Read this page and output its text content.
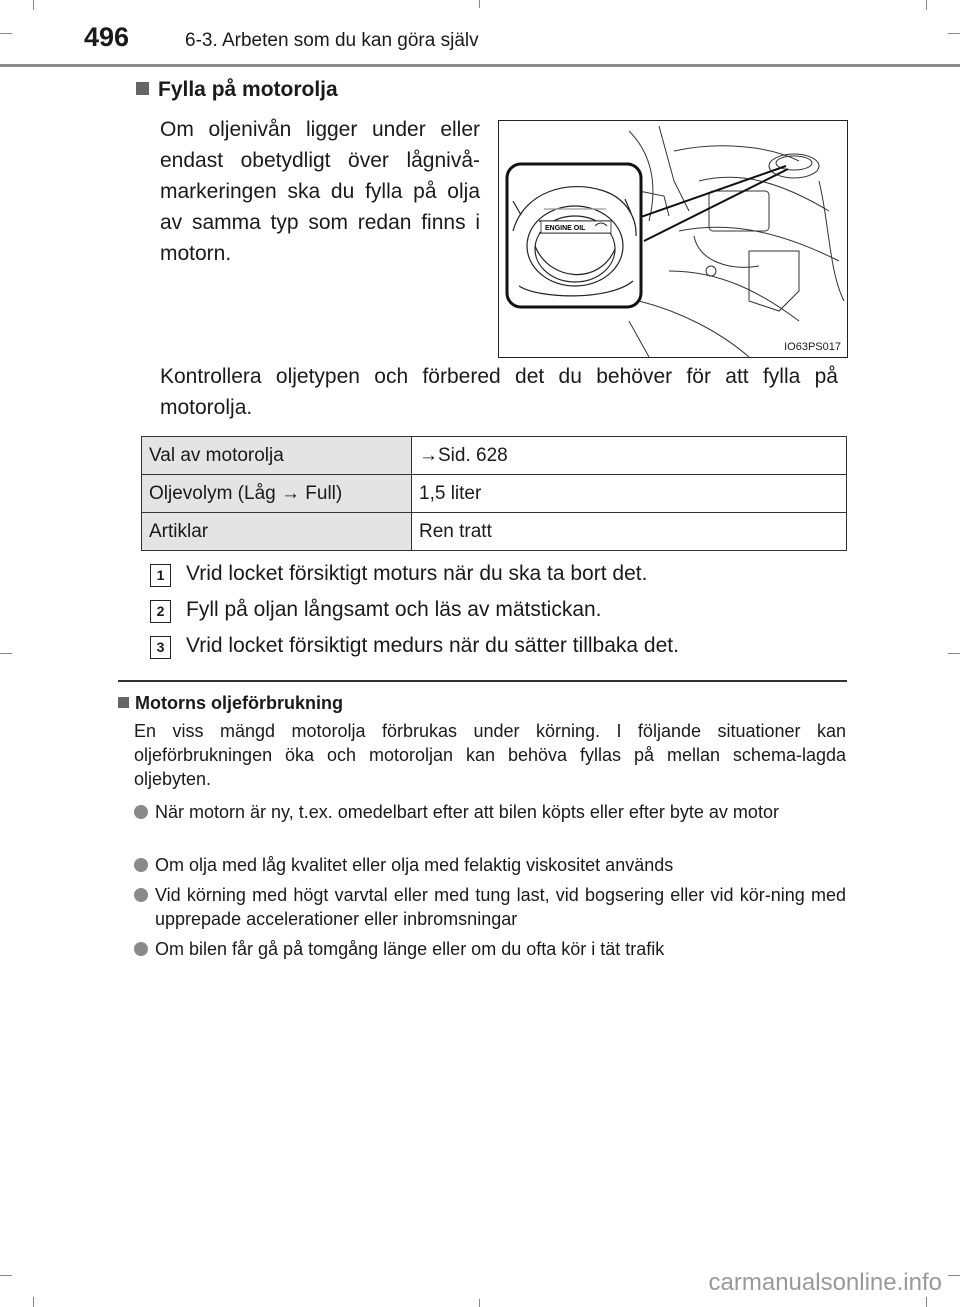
496	6-3. Arbeten som du kan göra själv
Fylla på motorolja
Om oljenivån ligger under eller endast obetydligt över lågnivå-markeringen ska du fylla på olja av samma typ som redan finns i motorn.
ENGINE OIL
IO63PS017
Kontrollera oljetypen och förbered det du behöver för att fylla på motorolja.
Val av motorolja	→Sid. 628
Oljevolym (Låg → Full)	1,5 liter
Artiklar	Ren tratt
1	Vrid locket försiktigt moturs när du ska ta bort det.
2	Fyll på oljan långsamt och läs av mätstickan.
3	Vrid locket försiktigt medurs när du sätter tillbaka det.
Motorns oljeförbrukning
En viss mängd motorolja förbrukas under körning. I följande situationer kan oljeförbrukningen öka och motoroljan kan behöva fyllas på mellan schema-lagda oljebyten.
När motorn är ny, t.ex. omedelbart efter att bilen köpts eller efter byte av motor
Om olja med låg kvalitet eller olja med felaktig viskositet används
Vid körning med högt varvtal eller med tung last, vid bogsering eller vid kör-ning med upprepade accelerationer eller inbromsningar
Om bilen får gå på tomgång länge eller om du ofta kör i tät trafik
carmanualsonline.info
